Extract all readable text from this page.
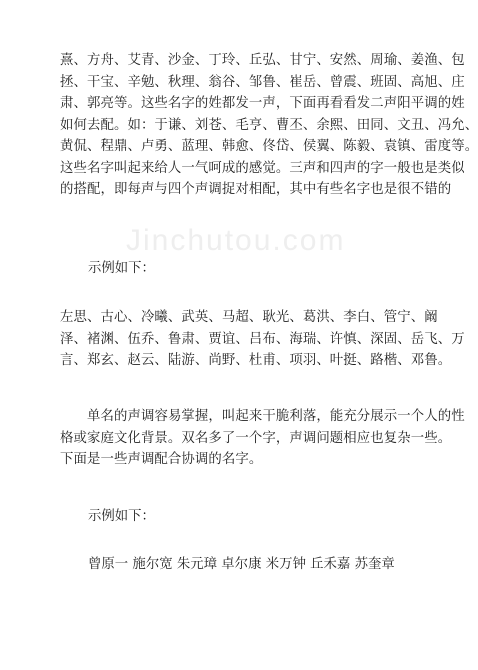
Jinchutou.com
熹、方舟、艾青、沙金、丁玲、丘弘、甘宁、安然、周瑜、姜渔、包
拯、干宝、辛勉、秋理、翁谷、邹鲁、崔岳、曾震、班固、高旭、庄
肃、郭亮等。这些名字的姓都发一声，下面再看看发二声阳平调的姓
如何去配。如：于谦、刘苍、毛亨、曹丕、余熙、田同、文丑、冯允、
黄侃、程鼎、卢勇、蓝理、韩愈、佟岱、侯翼、陈毅、袁镇、雷度等。
这些名字叫起来给人一气呵成的感觉。三声和四声的字一般也是类似
的搭配，即每声与四个声调捉对相配，其中有些名字也是很不错的

示例如下：

左思、古心、冷曦、武英、马超、耿光、葛洪、李白、管宁、阚
泽、褚渊、伍乔、鲁肃、贾谊、吕布、海瑞、许慎、深固、岳飞、万
言、郑玄、赵云、陆游、尚野、杜甫、项羽、叶挺、路楷、邓鲁。
单名的声调容易掌握，叫起来干脆利落，能充分展示一个人的性
格或家庭文化背景。双名多了一个字，声调问题相应也复杂一些。
下面是一些声调配合协调的名字。

示例如下：

曾原一 施尔宽 朱元璋 卓尔康 米万钟 丘禾嘉 苏奎章
